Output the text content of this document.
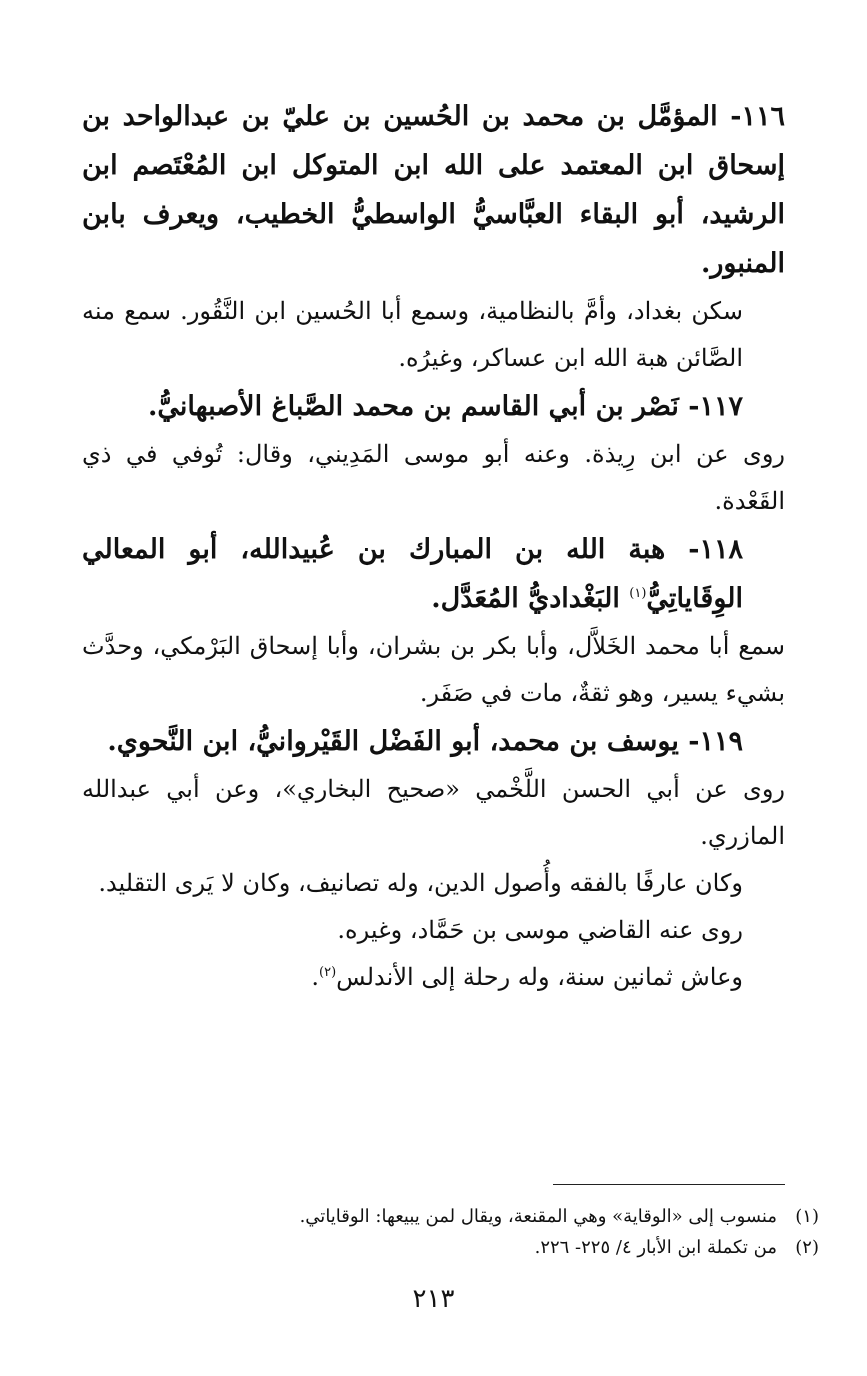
١١٦- المؤمَّل بن محمد بن الحُسين بن عليّ بن عبدالواحد بن إسحاق ابن المعتمد على الله ابن المتوكل ابن المُعْتَصم ابن الرشيد، أبو البقاء العبَّاسيُّ الواسطيُّ الخطيب، ويعرف بابن المنبور.

سكن بغداد، وأمَّ بالنظامية، وسمع أبا الحُسين ابن النَّقُور. سمع منه الصَّائن هبة الله ابن عساكر، وغيرُه.

١١٧- نَصْر بن أبي القاسم بن محمد الصَّباغ الأصبهانيُّ.

روى عن ابن رِيذة. وعنه أبو موسى المَدِيني، وقال: تُوفي في ذي القَعْدة.

١١٨- هبة الله بن المبارك بن عُبيدالله، أبو المعالي الوِقَاياتِيُّ$^{(١)}$ البَغْداديُّ المُعَدَّل.

سمع أبا محمد الخَلاَّل، وأبا بكر بن بشران، وأبا إسحاق البَرْمكي، وحدَّث بشيء يسير، وهو ثقةٌ، مات في صَفَر.

١١٩- يوسف بن محمد، أبو الفَضْل القَيْروانيُّ، ابن النَّحوي.

روى عن أبي الحسن اللَّخْمي «صحيح البخاري»، وعن أبي عبدالله المازري.

وكان عارفًا بالفقه وأُصول الدين، وله تصانيف، وكان لا يَرى التقليد.

روى عنه القاضي موسى بن حَمَّاد، وغيره.

وعاش ثمانين سنة، وله رحلة إلى الأندلس$^{(٢)}$.

(١)منسوب إلى «الوقاية» وهي المقنعة، ويقال لمن يبيعها: الوقاياتي.

(٢)من تكملة ابن الأبار ٤/ ٢٢٥- ٢٢٦.

٢١٣
